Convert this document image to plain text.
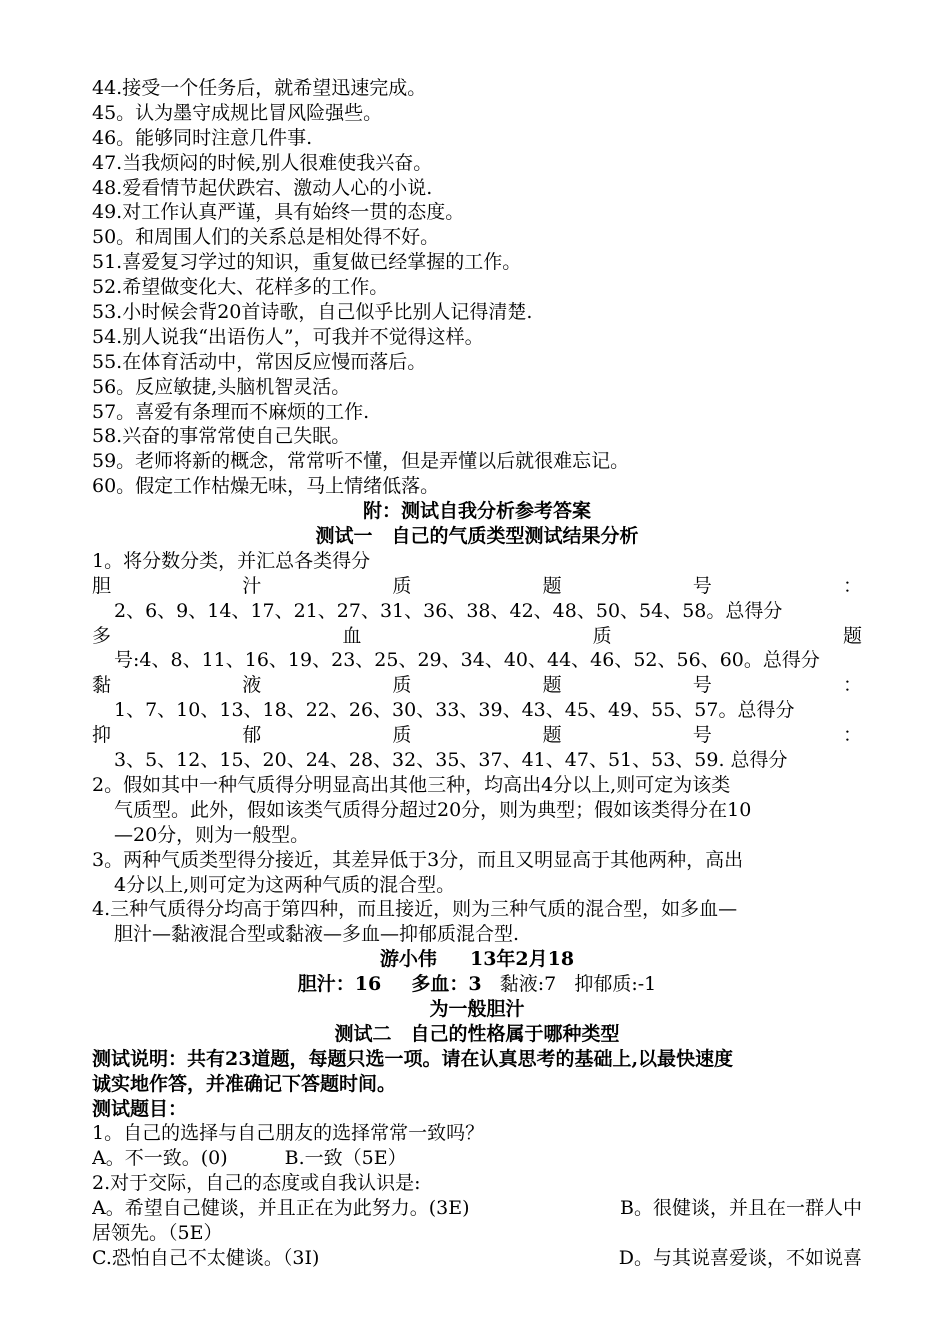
44.接受一个任务后，就希望迅速完成。
45。认为墨守成规比冒风险强些。
46。能够同时注意几件事.
47.当我烦闷的时候,别人很难使我兴奋。
48.爱看情节起伏跌宕、激动人心的小说.
49.对工作认真严谨，具有始终一贯的态度。
50。和周围人们的关系总是相处得不好。
51.喜爱复习学过的知识，重复做已经掌握的工作。
52.希望做变化大、花样多的工作。
53.小时候会背20首诗歌，自己似乎比别人记得清楚.
54.别人说我“出语伤人”，可我并不觉得这样。
55.在体育活动中，常因反应慢而落后。
56。反应敏捷,头脑机智灵活。
57。喜爱有条理而不麻烦的工作.
58.兴奋的事常常使自己失眠。
59。老师将新的概念，常常听不懂，但是弄懂以后就很难忘记。
60。假定工作枯燥无味，马上情绪低落。
附：测试自我分析参考答案
测试一　自己的气质类型测试结果分析
1。将分数分类，并汇总各类得分
胆	汁	质	题	号	：
2、6、9、14、17、21、27、31、36、38、42、48、50、54、58。总得分
多	血	质	题
号:4、8、11、16、19、23、25、29、34、40、44、46、52、56、60。总得分
黏	液	质	题	号	：
1、7、10、13、18、22、26、30、33、39、43、45、49、55、57。总得分
抑	郁	质	题	号	：
3、5、12、15、20、24、28、32、35、37、41、47、51、53、59. 总得分
2。假如其中一种气质得分明显高出其他三种，均高出4分以上,则可定为该类
气质型。此外，假如该类气质得分超过20分，则为典型；假如该类得分在10
—20分，则为一般型。
3。两种气质类型得分接近，其差异低于3分，而且又明显高于其他两种，高出
4分以上,则可定为这两种气质的混合型。
4.三种气质得分均高于第四种，而且接近，则为三种气质的混合型，如多血—
胆汁—黏液混合型或黏液—多血—抑郁质混合型.
游小伟 13年2月18
胆汁：16 多血：3 黏液:7 抑郁质:-1
为一般胆汁
测试二　自己的性格属于哪种类型
测试说明：共有23道题，每题只选一项。请在认真思考的基础上,以最快速度
诚实地作答，并准确记下答题时间。
测试题目：
1。自己的选择与自己朋友的选择常常一致吗？
A。不一致。(0)　　　B.一致（5E）
2.对于交际，自己的态度或自我认识是:
A。希望自己健谈，并且正在为此努力。(3E)	B。很健谈，并且在一群人中
居领先。（5E）
C.恐怕自己不太健谈。（3I)	D。与其说喜爱谈，不如说喜
